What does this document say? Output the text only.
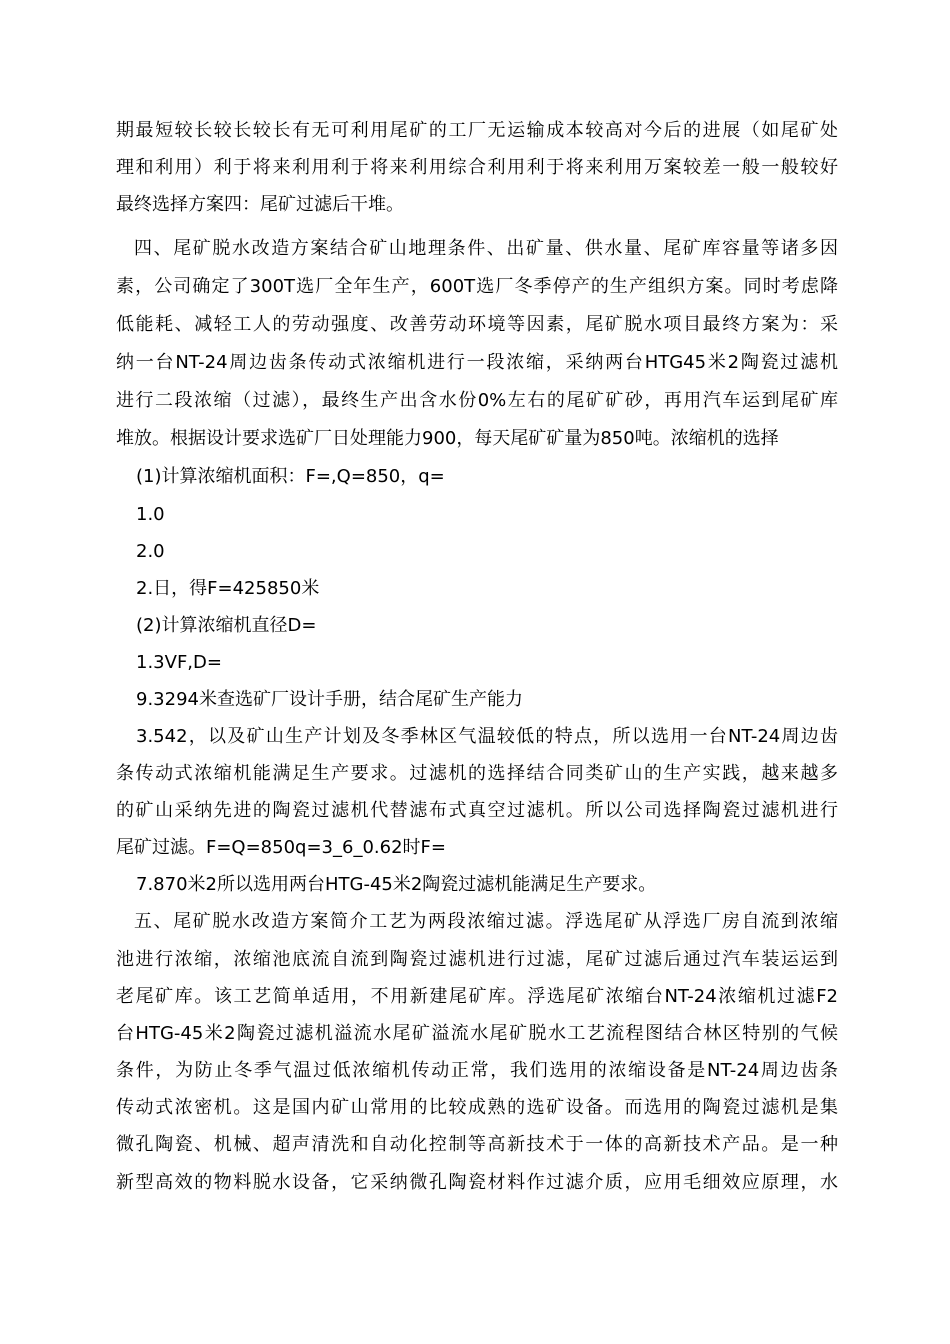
期最短较长较长较长有无可利用尾矿的工厂无运输成本较高对今后的进展（如尾矿处
理和利用）利于将来利用利于将来利用综合利用利于将来利用万案较差一般一般较好
最终选择方案四：尾矿过滤后干堆。
四、尾矿脱水改造方案结合矿山地理条件、出矿量、供水量、尾矿库容量等诸多因
素，公司确定了300T选厂全年生产，600T选厂冬季停产的生产组织方案。同时考虑降
低能耗、减轻工人的劳动强度、改善劳动环境等因素，尾矿脱水项目最终方案为：采
纳一台NT-24周边齿条传动式浓缩机进行一段浓缩，采纳两台HTG45米2陶瓷过滤机
进行二段浓缩（过滤），最终生产出含水份0%左右的尾矿矿砂，再用汽车运到尾矿库
堆放。根据设计要求选矿厂日处理能力900，每天尾矿矿量为850吨。浓缩机的选择
(1)计算浓缩机面积：F=,Q=850，q=
1.0
2.0
2.日，得F=425850米
(2)计算浓缩机直径D=
1.3VF,D=
9.3294米查选矿厂设计手册，结合尾矿生产能力
3.542，以及矿山生产计划及冬季林区气温较低的特点，所以选用一台NT-24周边齿
条传动式浓缩机能满足生产要求。过滤机的选择结合同类矿山的生产实践，越来越多
的矿山采纳先进的陶瓷过滤机代替滤布式真空过滤机。所以公司选择陶瓷过滤机进行
尾矿过滤。F=Q=850q=3_6_0.62时F=
7.870米2所以选用两台HTG-45米2陶瓷过滤机能满足生产要求。
五、尾矿脱水改造方案简介工艺为两段浓缩过滤。浮选尾矿从浮选厂房自流到浓缩
池进行浓缩，浓缩池底流自流到陶瓷过滤机进行过滤，尾矿过滤后通过汽车装运运到
老尾矿库。该工艺简单适用，不用新建尾矿库。浮选尾矿浓缩台NT-24浓缩机过滤F2
台HTG-45米2陶瓷过滤机溢流水尾矿溢流水尾矿脱水工艺流程图结合林区特别的气候
条件，为防止冬季气温过低浓缩机传动正常，我们选用的浓缩设备是NT-24周边齿条
传动式浓密机。这是国内矿山常用的比较成熟的选矿设备。而选用的陶瓷过滤机是集
微孔陶瓷、机械、超声清洗和自动化控制等高新技术于一体的高新技术产品。是一种
新型高效的物料脱水设备，它采纳微孔陶瓷材料作过滤介质，应用毛细效应原理，水
